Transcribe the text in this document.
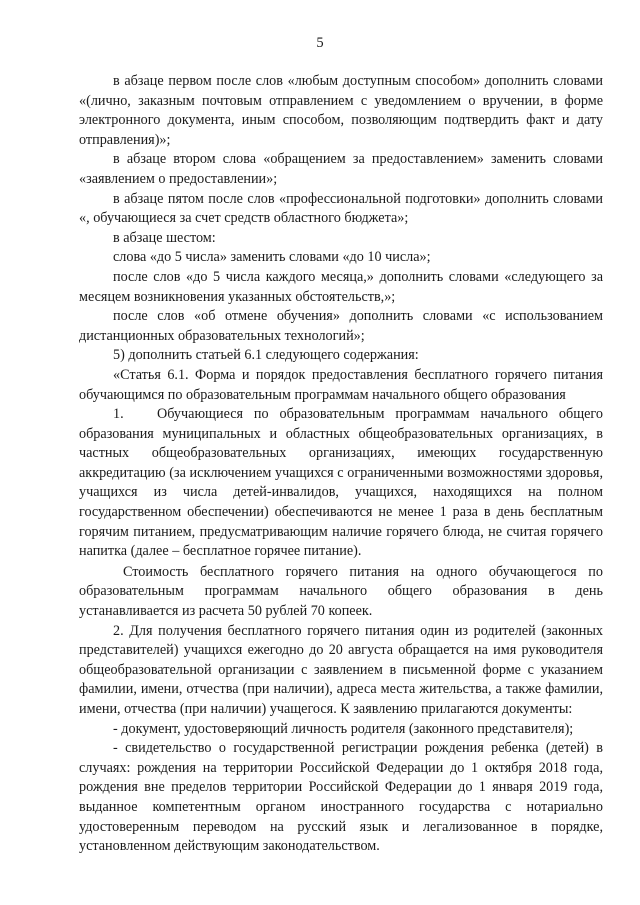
5

в абзаце первом после слов «любым доступным способом» дополнить словами «(лично, заказным почтовым отправлением с уведомлением о вручении, в форме электронного документа, иным способом, позволяющим подтвердить факт и дату отправления)»;

в абзаце втором слова «обращением за предоставлением» заменить словами «заявлением о предоставлении»;

в абзаце пятом после слов «профессиональной подготовки» дополнить словами «, обучающиеся за счет средств областного бюджета»;

в абзаце шестом:

слова «до 5 числа» заменить словами «до 10 числа»;

после слов «до 5 числа каждого месяца,» дополнить словами «следующего за месяцем возникновения указанных обстоятельств,»;

после слов «об отмене обучения» дополнить словами «с использованием дистанционных образовательных технологий»;

5) дополнить статьей 6.1 следующего содержания:

«Статья 6.1. Форма и порядок предоставления бесплатного горячего питания обучающимся по образовательным программам начального общего образования

1. Обучающиеся по образовательным программам начального общего образования муниципальных и областных общеобразовательных организациях, в частных общеобразовательных организациях, имеющих государственную аккредитацию (за исключением учащихся с ограниченными возможностями здоровья, учащихся из числа детей-инвалидов, учащихся, находящихся на полном государственном обеспечении) обеспечиваются не менее 1 раза в день бесплатным горячим питанием, предусматривающим наличие горячего блюда, не считая горячего напитка (далее – бесплатное горячее питание).

Стоимость бесплатного горячего питания на одного обучающегося по образовательным программам начального общего образования в день устанавливается из расчета 50 рублей 70 копеек.

2. Для получения бесплатного горячего питания один из родителей (законных представителей) учащихся ежегодно до 20 августа обращается на имя руководителя общеобразовательной организации с заявлением в письменной форме с указанием фамилии, имени, отчества (при наличии), адреса места жительства, а также фамилии, имени, отчества (при наличии) учащегося. К заявлению прилагаются документы:

- документ, удостоверяющий личность родителя (законного представителя);

- свидетельство о государственной регистрации рождения ребенка (детей) в случаях: рождения на территории Российской Федерации до 1 октября 2018 года, рождения вне пределов территории Российской Федерации до 1 января 2019 года, выданное компетентным органом иностранного государства с нотариально удостоверенным переводом на русский язык и легализованное в порядке, установленном действующим законодательством.
